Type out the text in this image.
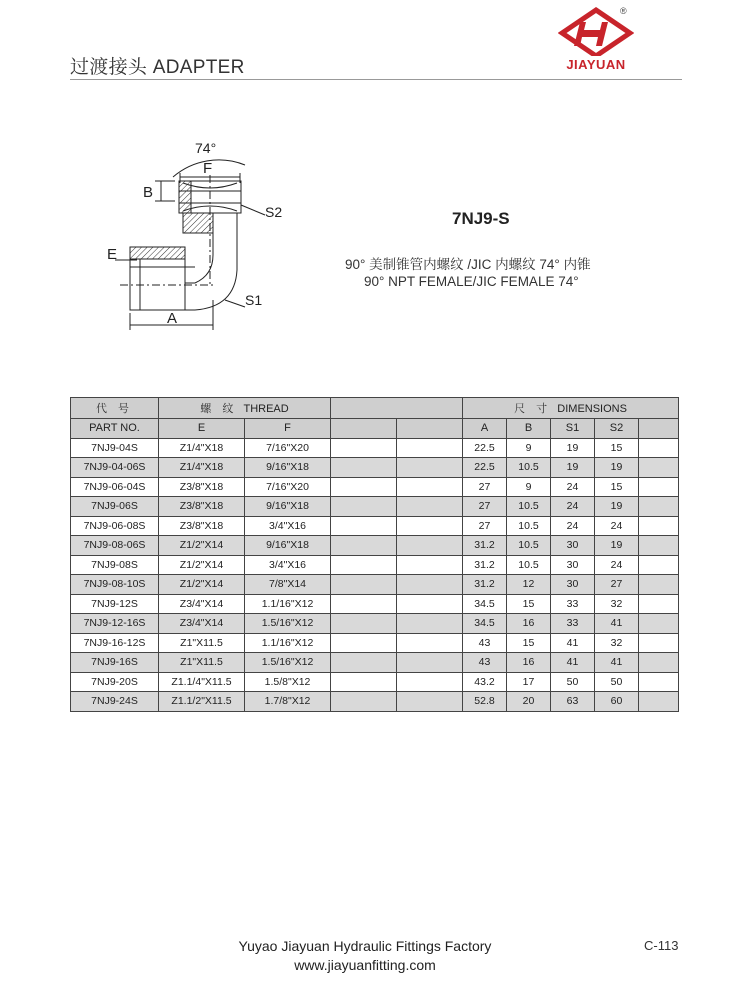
过渡接头 ADAPTER
®
JIAYUAN
74°
F
B
S2
E
S1
A
7NJ9-S
90° 美制锥管内螺纹 /JIC 内螺纹 74° 内锥
90° NPT FEMALE/JIC FEMALE 74°
代 号	螺 纹 THREAD				尺 寸 DIMENSIONS				
PART NO.	E	F			A	B	S1	S2	
7NJ9-04S	Z1/4"X18	7/16"X20			22.5	9	19	15	
7NJ9-04-06S	Z1/4"X18	9/16"X18			22.5	10.5	19	19	
7NJ9-06-04S	Z3/8"X18	7/16"X20			27	9	24	15	
7NJ9-06S	Z3/8"X18	9/16"X18			27	10.5	24	19	
7NJ9-06-08S	Z3/8"X18	3/4"X16			27	10.5	24	24	
7NJ9-08-06S	Z1/2"X14	9/16"X18			31.2	10.5	30	19	
7NJ9-08S	Z1/2"X14	3/4"X16			31.2	10.5	30	24	
7NJ9-08-10S	Z1/2"X14	7/8"X14			31.2	12	30	27	
7NJ9-12S	Z3/4"X14	1.1/16"X12			34.5	15	33	32	
7NJ9-12-16S	Z3/4"X14	1.5/16"X12			34.5	16	33	41	
7NJ9-16-12S	Z1"X11.5	1.1/16"X12			43	15	41	32	
7NJ9-16S	Z1"X11.5	1.5/16"X12			43	16	41	41	
7NJ9-20S	Z1.1/4"X11.5	1.5/8"X12			43.2	17	50	50	
7NJ9-24S	Z1.1/2"X11.5	1.7/8"X12			52.8	20	63	60	
Yuyao Jiayuan Hydraulic Fittings Factory
www.jiayuanfitting.com
C-113
